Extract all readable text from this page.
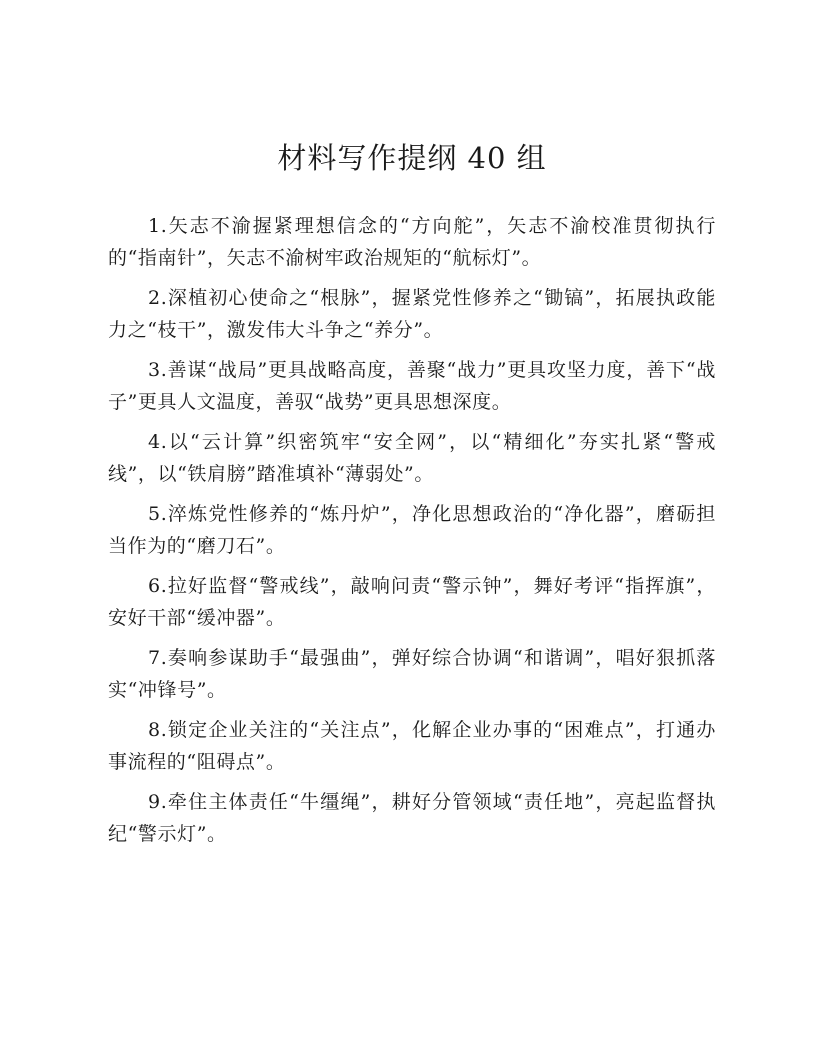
材料写作提纲 40 组

1.矢志不渝握紧理想信念的“方向舵”，矢志不渝校准贯彻执行的“指南针”，矢志不渝树牢政治规矩的“航标灯”。

2.深植初心使命之“根脉”，握紧党性修养之“锄镐”，拓展执政能力之“枝干”，激发伟大斗争之“养分”。

3.善谋“战局”更具战略高度，善聚“战力”更具攻坚力度，善下“战子”更具人文温度，善驭“战势”更具思想深度。

4.以“云计算”织密筑牢“安全网”，以“精细化”夯实扎紧“警戒线”，以“铁肩膀”踏准填补“薄弱处”。

5.淬炼党性修养的“炼丹炉”，净化思想政治的“净化器”，磨砺担当作为的“磨刀石”。

6.拉好监督“警戒线”，敲响问责“警示钟”，舞好考评“指挥旗”，安好干部“缓冲器”。

7.奏响参谋助手“最强曲”，弹好综合协调“和谐调”，唱好狠抓落实“冲锋号”。

8.锁定企业关注的“关注点”，化解企业办事的“困难点”，打通办事流程的“阻碍点”。

9.牵住主体责任“牛缰绳”，耕好分管领域“责任地”，亮起监督执纪“警示灯”。
